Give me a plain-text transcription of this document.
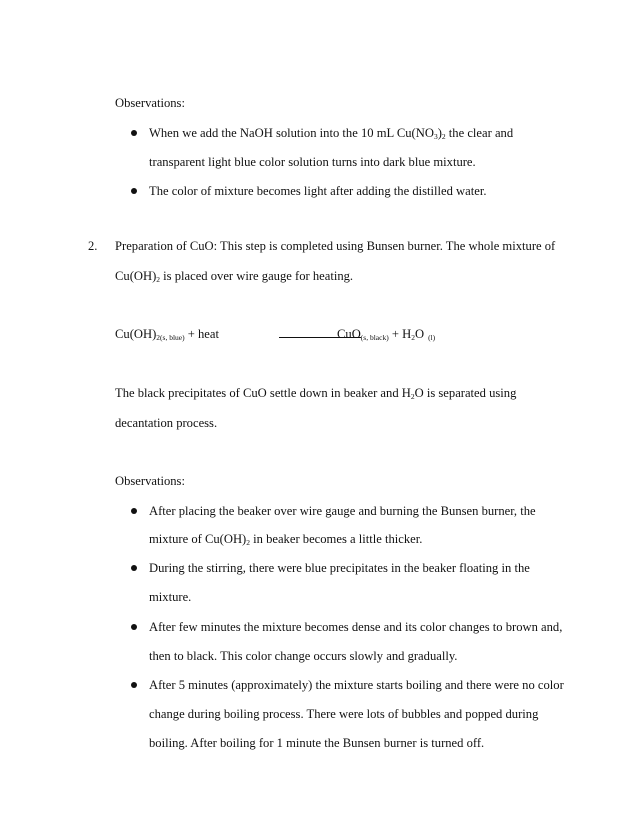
Observations:
When we add the NaOH solution into the 10 mL $Cu(NO_3)_2$ the clear and
transparent light blue color solution turns into dark blue mixture.
The color of mixture becomes light after adding the distilled water.
2. Preparation of CuO: This step is completed using Bunsen burner. The whole mixture of
$Cu(OH)_2$ is placed over wire gauge for heating.
Cu(OH)2(s, blue) + heat	CuO(s, black) + $H_2O$ (l)
The black precipitates of CuO settle down in beaker and $H_2O$ is separated using
decantation process.
Observations:
After placing the beaker over wire gauge and burning the Bunsen burner, the
mixture of $Cu(OH)_2$ in beaker becomes a little thicker.
During the stirring, there were blue precipitates in the beaker floating in the
mixture.
After few minutes the mixture becomes dense and its color changes to brown and,
then to black. This color change occurs slowly and gradually.
After 5 minutes (approximately) the mixture starts boiling and there were no color
change during boiling process. There were lots of bubbles and popped during
boiling. After boiling for 1 minute the Bunsen burner is turned off.
